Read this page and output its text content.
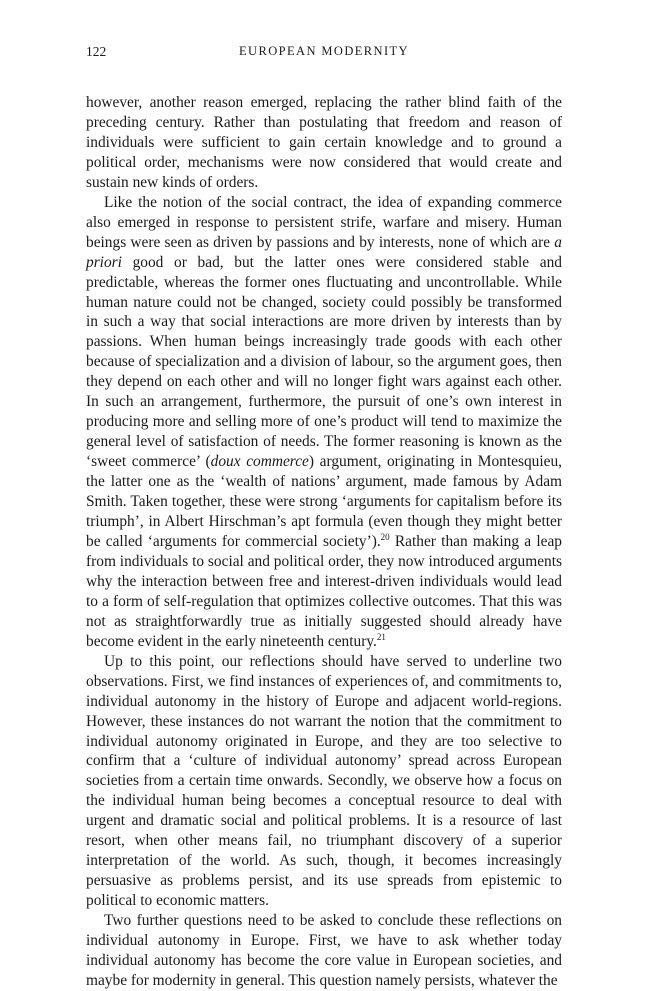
122	EUROPEAN MODERNITY

however, another reason emerged, replacing the rather blind faith of the preceding century. Rather than postulating that freedom and reason of individuals were sufficient to gain certain knowledge and to ground a political order, mechanisms were now considered that would create and sustain new kinds of orders.

Like the notion of the social contract, the idea of expanding commerce also emerged in response to persistent strife, warfare and misery. Human beings were seen as driven by passions and by interests, none of which are a priori good or bad, but the latter ones were considered stable and predictable, whereas the former ones fluctuating and uncontrollable. While human nature could not be changed, society could possibly be transformed in such a way that social interactions are more driven by interests than by passions. When human beings increasingly trade goods with each other because of specialization and a division of labour, so the argument goes, then they depend on each other and will no longer fight wars against each other. In such an arrangement, furthermore, the pursuit of one’s own interest in producing more and selling more of one’s product will tend to maximize the general level of satisfaction of needs. The former reasoning is known as the ‘sweet commerce’ (doux commerce) argument, originating in Montesquieu, the latter one as the ‘wealth of nations’ argument, made famous by Adam Smith. Taken together, these were strong ‘arguments for capitalism before its triumph’, in Albert Hirschman’s apt formula (even though they might better be called ‘arguments for commercial society’).$^{20}$ Rather than making a leap from individuals to social and political order, they now introduced arguments why the interaction between free and interest-driven individuals would lead to a form of self-regulation that optimizes collective outcomes. That this was not as straightforwardly true as initially suggested should already have become evident in the early nineteenth century.$^{21}$

Up to this point, our reflections should have served to underline two observations. First, we find instances of experiences of, and commitments to, individual autonomy in the history of Europe and adjacent world-regions. However, these instances do not warrant the notion that the commitment to individual autonomy originated in Europe, and they are too selective to confirm that a ‘culture of individual autonomy’ spread across European societies from a certain time onwards. Secondly, we observe how a focus on the individual human being becomes a conceptual resource to deal with urgent and dramatic social and political problems. It is a resource of last resort, when other means fail, no triumphant discovery of a superior interpretation of the world. As such, though, it becomes increasingly persuasive as problems persist, and its use spreads from epistemic to political to economic matters.

Two further questions need to be asked to conclude these reflections on individual autonomy in Europe. First, we have to ask whether today individual autonomy has become the core value in European societies, and maybe for modernity in general. This question namely persists, whatever the
